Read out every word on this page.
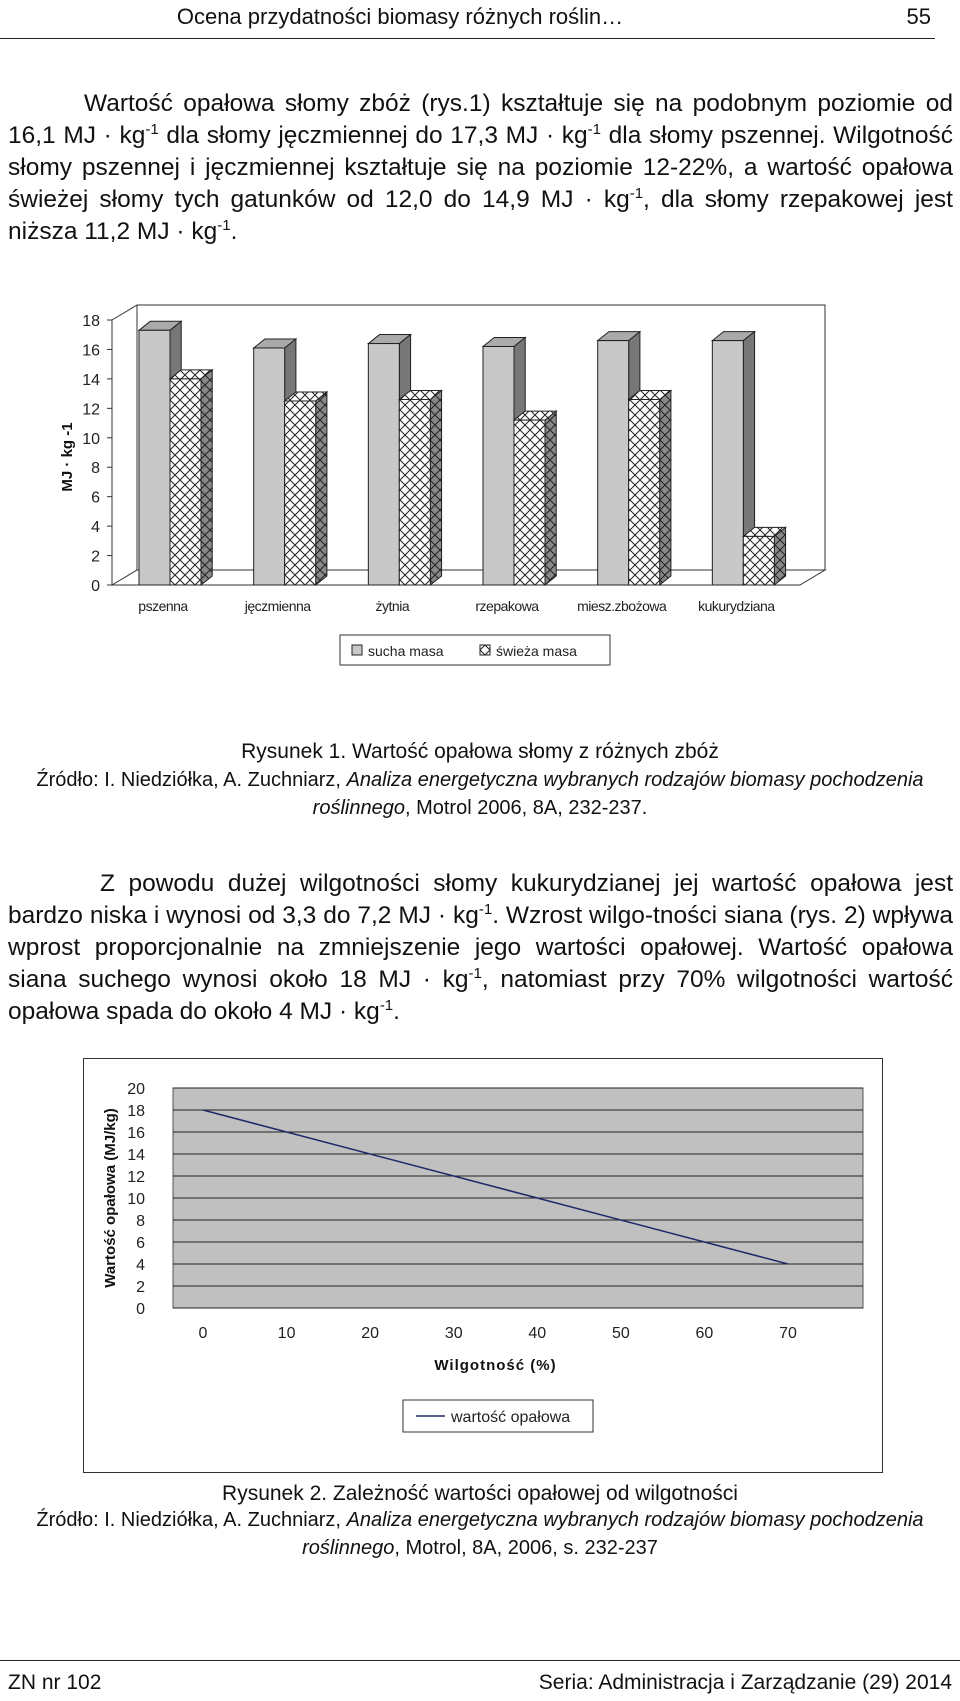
Ocena przydatności biomasy różnych roślin…	55
Wartość opałowa słomy zbóż (rys.1) kształtuje się na podobnym poziomie od 16,1 MJ · $kg^{-1}$ dla słomy jęczmiennej do 17,3 MJ · $kg^{-1}$ dla słomy pszennej. Wilgotność słomy pszennej i jęczmiennej kształtuje się na poziomie 12-22%, a wartość opałowa świeżej słomy tych gatunków od 12,0 do 14,9 MJ · $kg^{-1}$, dla słomy rzepakowej jest niższa 11,2 MJ · $kg^{-1}$.
0
2
4
6
8
10
12
14
16
18
MJ · kg -1
pszenna	jęczmienna	żytnia	rzepakowa	miesz.zbożowa kukurydziana
sucha masa	świeża masa
Rysunek 1. Wartość opałowa słomy z różnych zbóż
Źródło: I. Niedziółka, A. Zuchniarz, Analiza energetyczna wybranych rodzajów biomasy pochodzenia roślinnego, Motrol 2006, 8A, 232-237.
Z powodu dużej wilgotności słomy kukurydzianej jej wartość opałowa jest bardzo niska i wynosi od 3,3 do 7,2 MJ · $kg^{-1}$. Wzrost wilgo-tności siana (rys. 2) wpływa wprost proporcjonalnie na zmniejszenie jego wartości opałowej. Wartość opałowa siana suchego wynosi około 18 MJ · $kg^{-1}$, natomiast przy 70% wilgotności wartość opałowa spada do około 4 MJ · $kg^{-1}$.
0
2
4
6
8
10
12
14
16
18
20
0	10	20	30	40	50	60	70
Wilgotność (%)
Wartość opałowa (MJ/kg)
wartość opałowa
Rysunek 2. Zależność wartości opałowej od wilgotności
Źródło: I. Niedziółka, A. Zuchniarz, Analiza energetyczna wybranych rodzajów biomasy pochodzenia roślinnego, Motrol, 8A, 2006, s. 232-237
ZN nr 102	Seria: Administracja i Zarządzanie (29) 2014
